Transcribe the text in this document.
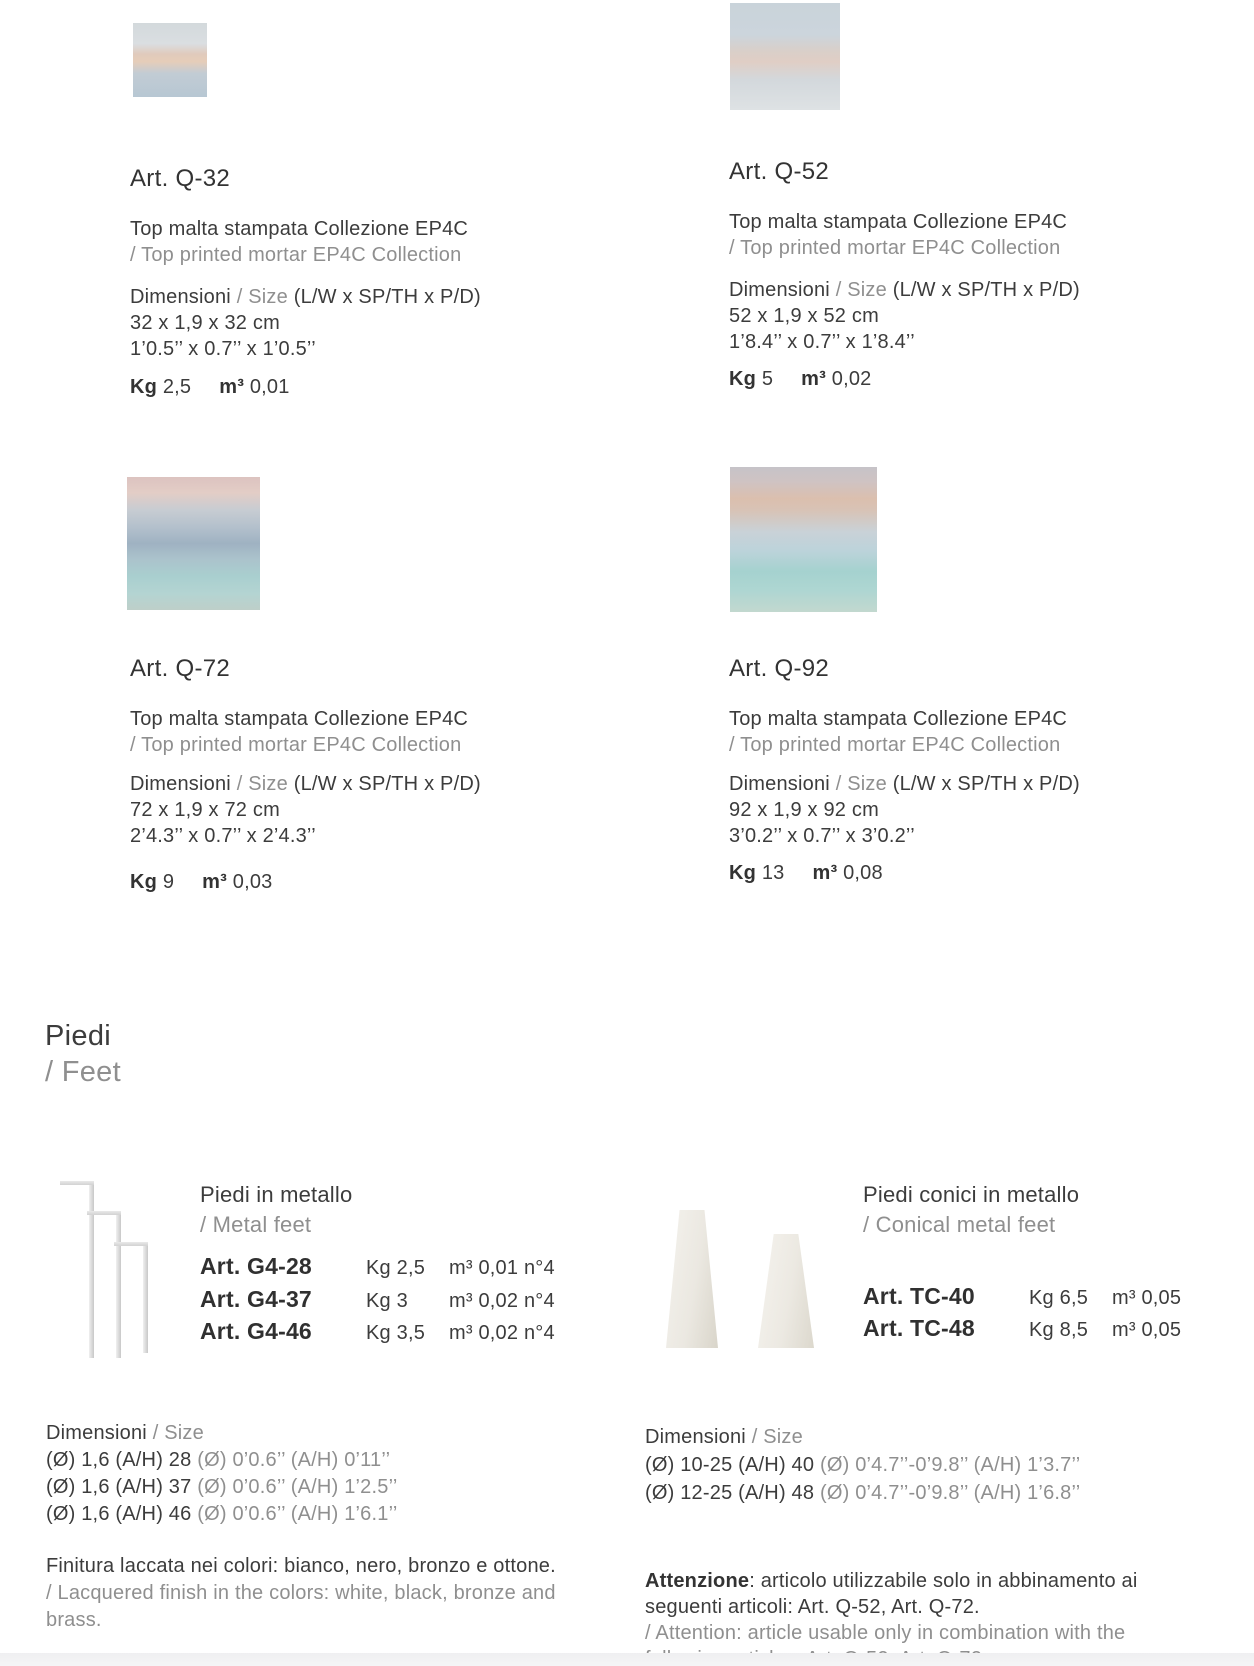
Art. Q-32
Top malta stampata Collezione EP4C
/ Top printed mortar EP4C Collection
Dimensioni / Size (L/W x SP/TH x P/D)
32 x 1,9 x 32 cm
1’0.5’’ x 0.7’’ x 1’0.5’’
Kg 2,5 m³ 0,01
Art. Q-52
Top malta stampata Collezione EP4C
/ Top printed mortar EP4C Collection
Dimensioni / Size (L/W x SP/TH x P/D)
52 x 1,9 x 52 cm
1’8.4’’ x 0.7’’ x 1’8.4’’
Kg 5 m³ 0,02
Art. Q-72
Top malta stampata Collezione EP4C
/ Top printed mortar EP4C Collection
Dimensioni / Size (L/W x SP/TH x P/D)
72 x 1,9 x 72 cm
2’4.3’’ x 0.7’’ x 2’4.3’’
Kg 9 m³ 0,03
Art. Q-92
Top malta stampata Collezione EP4C
/ Top printed mortar EP4C Collection
Dimensioni / Size (L/W x SP/TH x P/D)
92 x 1,9 x 92 cm
3’0.2’’ x 0.7’’ x 3’0.2’’
Kg 13 m³ 0,08
Piedi
/ Feet
Piedi in metallo
/ Metal feet
Art. G4-28	Kg 2,5 m³ 0,01 n°4
Art. G4-37	Kg 3 m³ 0,02 n°4
Art. G4-46	Kg 3,5 m³ 0,02 n°4
Piedi conici in metallo
/ Conical metal feet
Art. TC-40	Kg 6,5 m³ 0,05
Art. TC-48	Kg 8,5 m³ 0,05
Dimensioni / Size
(Ø) 1,6 (A/H) 28 (Ø) 0’0.6’’ (A/H) 0’11’’
(Ø) 1,6 (A/H) 37 (Ø) 0’0.6’’ (A/H) 1’2.5’’
(Ø) 1,6 (A/H) 46 (Ø) 0’0.6’’ (A/H) 1’6.1’’
Dimensioni / Size
(Ø) 10-25 (A/H) 40 (Ø) 0’4.7’’-0’9.8’’ (A/H) 1’3.7’’
(Ø) 12-25 (A/H) 48 (Ø) 0’4.7’’-0’9.8’’ (A/H) 1’6.8’’
Finitura laccata nei colori: bianco, nero, bronzo e ottone.
/ Lacquered finish in the colors: white, black, bronze and
brass.
Attenzione: articolo utilizzabile solo in abbinamento ai
seguenti articoli: Art. Q-52, Art. Q-72.
/ Attention: article usable only in combination with the
